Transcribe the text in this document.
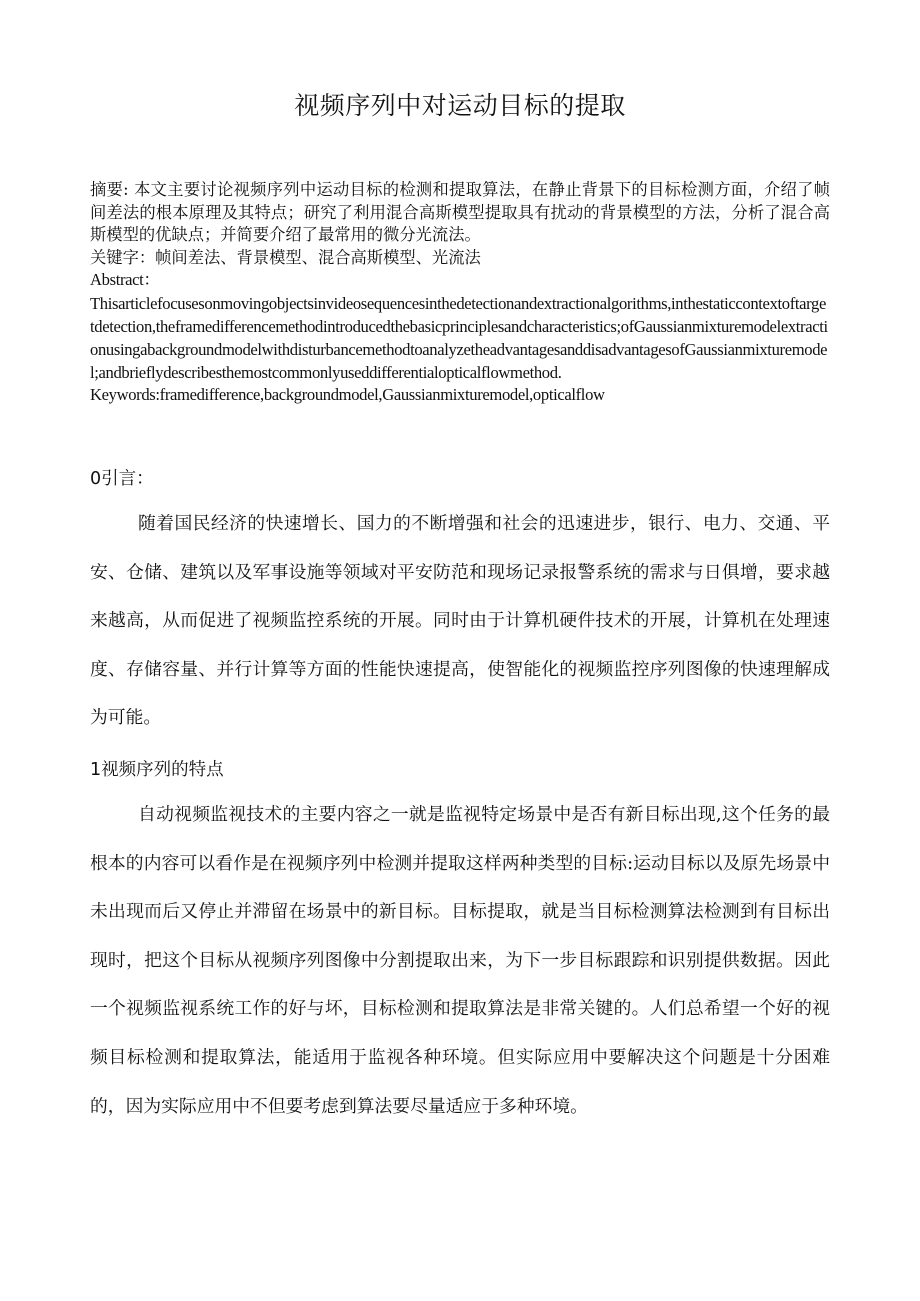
视频序列中对运动目标的提取

摘要: 本文主要讨论视频序列中运动目标的检测和提取算法，在静止背景下的目标检测方面，介绍了帧间差法的根本原理及其特点；研究了利用混合高斯模型提取具有扰动的背景模型的方法，分析了混合高斯模型的优缺点；并简要介绍了最常用的微分光流法。

关键字：帧间差法、背景模型、混合高斯模型、光流法

Abstract：

Thisarticlefocusesonmovingobjectsinvideosequencesinthedetectionandextractionalgorithms,inthestaticcontextoftargetdetection,theframedifferencemethodintroducedthebasicprinciplesandcharacteristics;ofGaussianmixturemodelextractionusingabackgroundmodelwithdisturbancemethodtoanalyzetheadvantagesanddisadvantagesofGaussianmixturemodel;andbrieflydescribesthemostcommonlyuseddifferentialopticalflowmethod.

Keywords:framedifference,backgroundmodel,Gaussianmixturemodel,opticalflow

0引言：

随着国民经济的快速增长、国力的不断增强和社会的迅速进步，银行、电力、交通、平安、仓储、建筑以及军事设施等领域对平安防范和现场记录报警系统的需求与日俱增，要求越来越高，从而促进了视频监控系统的开展。同时由于计算机硬件技术的开展，计算机在处理速度、存储容量、并行计算等方面的性能快速提高，使智能化的视频监控序列图像的快速理解成为可能。

1视频序列的特点

自动视频监视技术的主要内容之一就是监视特定场景中是否有新目标出现,这个任务的最根本的内容可以看作是在视频序列中检测并提取这样两种类型的目标:运动目标以及原先场景中未出现而后又停止并滞留在场景中的新目标。目标提取，就是当目标检测算法检测到有目标出现时，把这个目标从视频序列图像中分割提取出来，为下一步目标跟踪和识别提供数据。因此一个视频监视系统工作的好与坏，目标检测和提取算法是非常关键的。人们总希望一个好的视频目标检测和提取算法，能适用于监视各种环境。但实际应用中要解决这个问题是十分困难的，因为实际应用中不但要考虑到算法要尽量适应于多种环境。
